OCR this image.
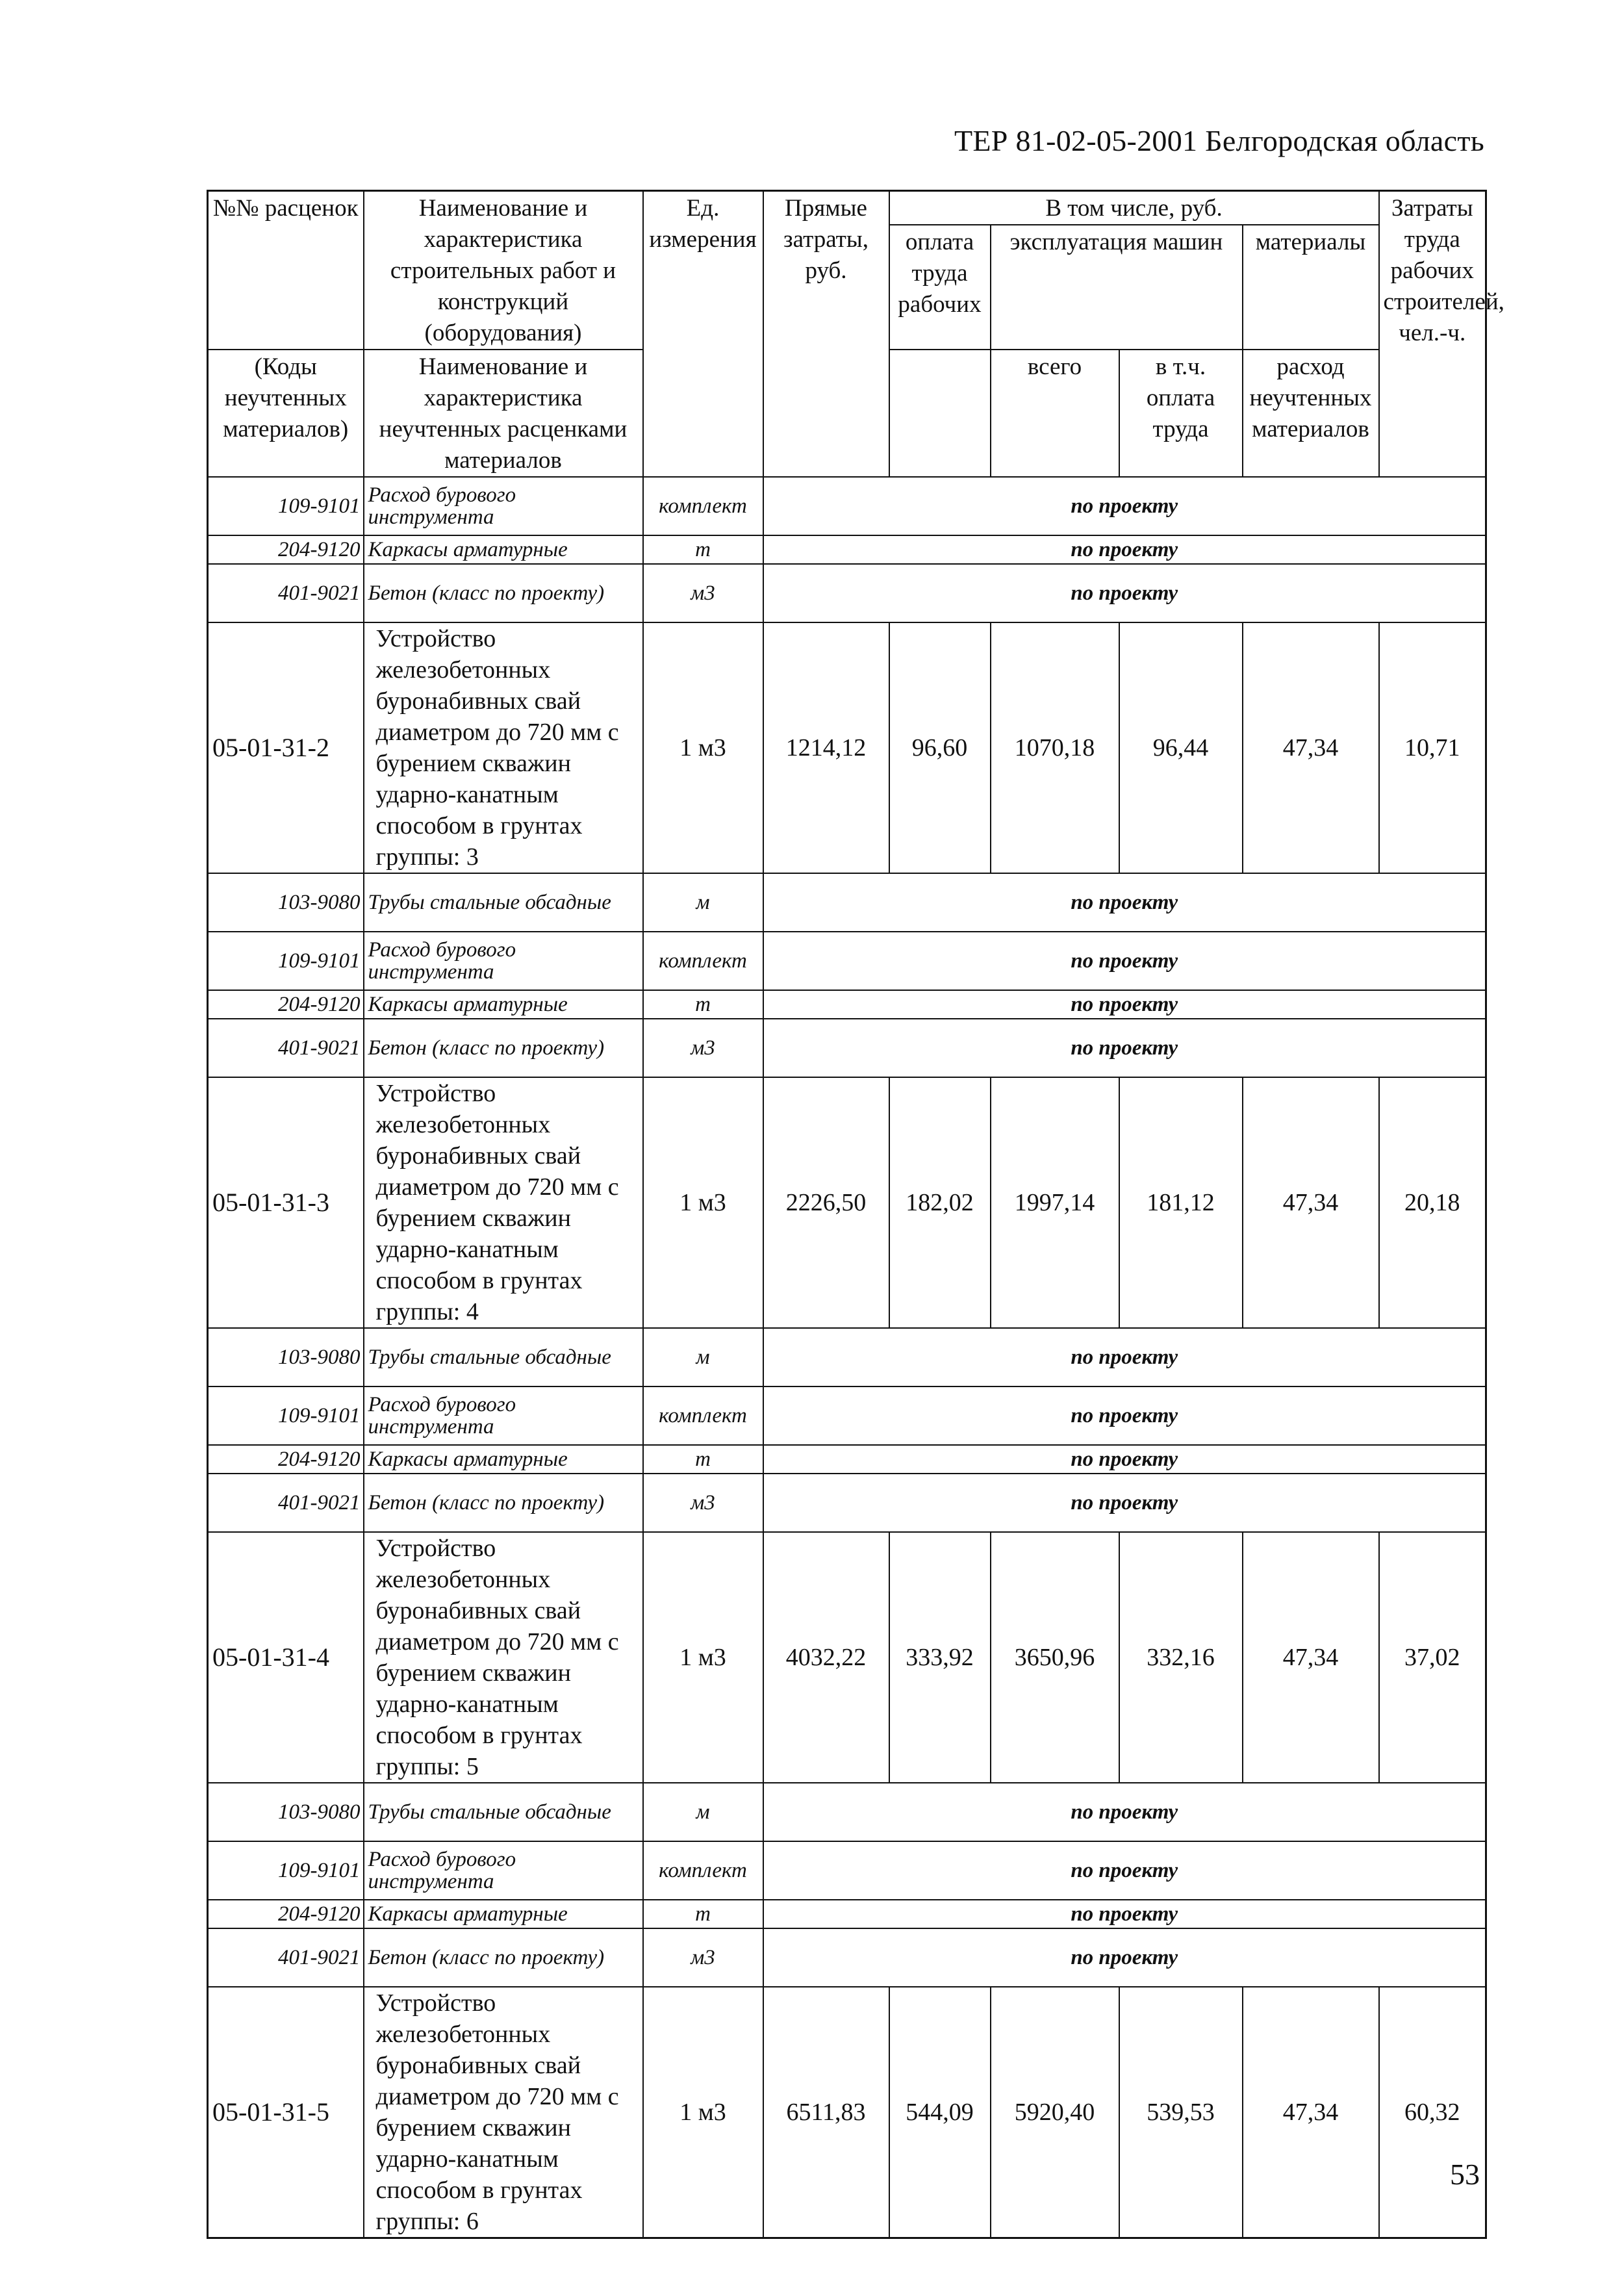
ТЕР 81-02-05-2001 Белгородская область
№№ расценок	Наименование и характеристика строительных работ и конструкций (оборудования)	Ед. измерения	Прямые затраты, руб.	В том числе, руб.				Затраты труда рабочих строителей, чел.-ч.
				оплата труда рабочих	эксплуатация машин		материалы	

(Коды неучтенных материалов)	Наименование и характеристика неучтенных расценками материалов				всего	в т.ч. оплата труда	расход неучтенных материалов	

109-9101	Расход бурового инструмента	комплект	по проекту					
204-9120	Каркасы арматурные	т	по проекту					
401-9021	Бетон (класс по проекту)	м3	по проекту					
05-01-31-2	Устройство железобетонных буронабивных свай диаметром до 720 мм с бурением скважин ударно-канатным способом в грунтах группы: 3	1 м3	1214,12	96,60	1070,18	96,44	47,34	10,71
103-9080	Трубы стальные обсадные	м	по проекту					
109-9101	Расход бурового инструмента	комплект	по проекту					
204-9120	Каркасы арматурные	т	по проекту					
401-9021	Бетон (класс по проекту)	м3	по проекту					
05-01-31-3	Устройство железобетонных буронабивных свай диаметром до 720 мм с бурением скважин ударно-канатным способом в грунтах группы: 4	1 м3	2226,50	182,02	1997,14	181,12	47,34	20,18
103-9080	Трубы стальные обсадные	м	по проекту					
109-9101	Расход бурового инструмента	комплект	по проекту					
204-9120	Каркасы арматурные	т	по проекту					
401-9021	Бетон (класс по проекту)	м3	по проекту					
05-01-31-4	Устройство железобетонных буронабивных свай диаметром до 720 мм с бурением скважин ударно-канатным способом в грунтах группы: 5	1 м3	4032,22	333,92	3650,96	332,16	47,34	37,02
103-9080	Трубы стальные обсадные	м	по проекту					
109-9101	Расход бурового инструмента	комплект	по проекту					
204-9120	Каркасы арматурные	т	по проекту					
401-9021	Бетон (класс по проекту)	м3	по проекту					
05-01-31-5	Устройство железобетонных буронабивных свай диаметром до 720 мм с бурением скважин ударно-канатным способом в грунтах группы: 6	1 м3	6511,83	544,09	5920,40	539,53	47,34	60,32
53
